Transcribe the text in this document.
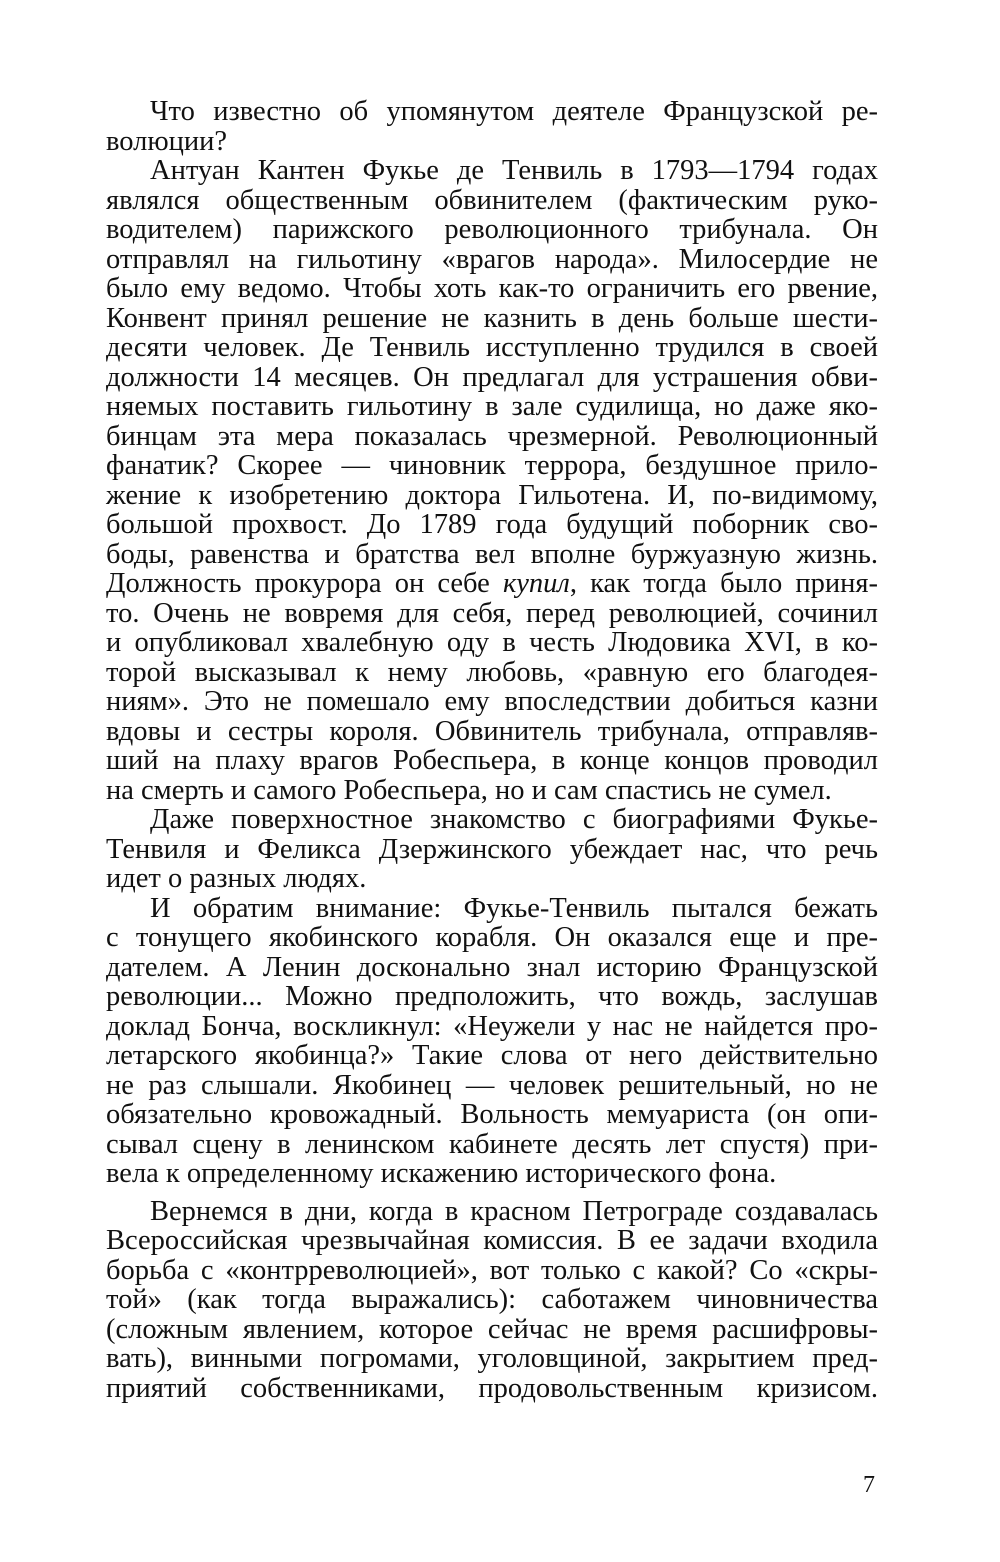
Что известно об упомянутом деятеле Французской ре-
волюции?
Антуан Кантен Фукье де Тенвиль в 1793—1794 годах
являлся общественным обвинителем (фактическим руко-
водителем) парижского революционного трибунала. Он
отправлял на гильотину «врагов народа». Милосердие не
было ему ведомо. Чтобы хоть как-то ограничить его рвение,
Конвент принял решение не казнить в день больше шести-
десяти человек. Де Тенвиль исступленно трудился в своей
должности 14 месяцев. Он предлагал для устрашения обви-
няемых поставить гильотину в зале судилища, но даже яко-
бинцам эта мера показалась чрезмерной. Революционный
фанатик? Скорее — чиновник террора, бездушное прило-
жение к изобретению доктора Гильотена. И, по-видимому,
большой прохвост. До 1789 года будущий поборник сво-
боды, равенства и братства вел вполне буржуазную жизнь.
Должность прокурора он себе купил, как тогда было приня-
то. Очень не вовремя для себя, перед революцией, сочинил
и опубликовал хвалебную оду в честь Людовика XVI, в ко-
торой высказывал к нему любовь, «равную его благодея-
ниям». Это не помешало ему впоследствии добиться казни
вдовы и сестры короля. Обвинитель трибунала, отправляв-
ший на плаху врагов Робеспьера, в конце концов проводил
на смерть и самого Робеспьера, но и сам спастись не сумел.
Даже поверхностное знакомство с биографиями Фукье-
Тенвиля и Феликса Дзержинского убеждает нас, что речь
идет о разных людях.
И обратим внимание: Фукье-Тенвиль пытался бежать
с тонущего якобинского корабля. Он оказался еще и пре-
дателем. А Ленин досконально знал историю Французской
революции... Можно предположить, что вождь, заслушав
доклад Бонча, воскликнул: «Неужели у нас не найдется про-
летарского якобинца?» Такие слова от него действительно
не раз слышали. Якобинец — человек решительный, но не
обязательно кровожадный. Вольность мемуариста (он опи-
сывал сцену в ленинском кабинете десять лет спустя) при-
вела к определенному искажению исторического фона.
Вернемся в дни, когда в красном Петрограде создавалась
Всероссийская чрезвычайная комиссия. В ее задачи входила
борьба с «контрреволюцией», вот только с какой? Со «скры-
той» (как тогда выражались): саботажем чиновничества
(сложным явлением, которое сейчас не время расшифровы-
вать), винными погромами, уголовщиной, закрытием пред-
приятий собственниками, продовольственным кризисом.
7
